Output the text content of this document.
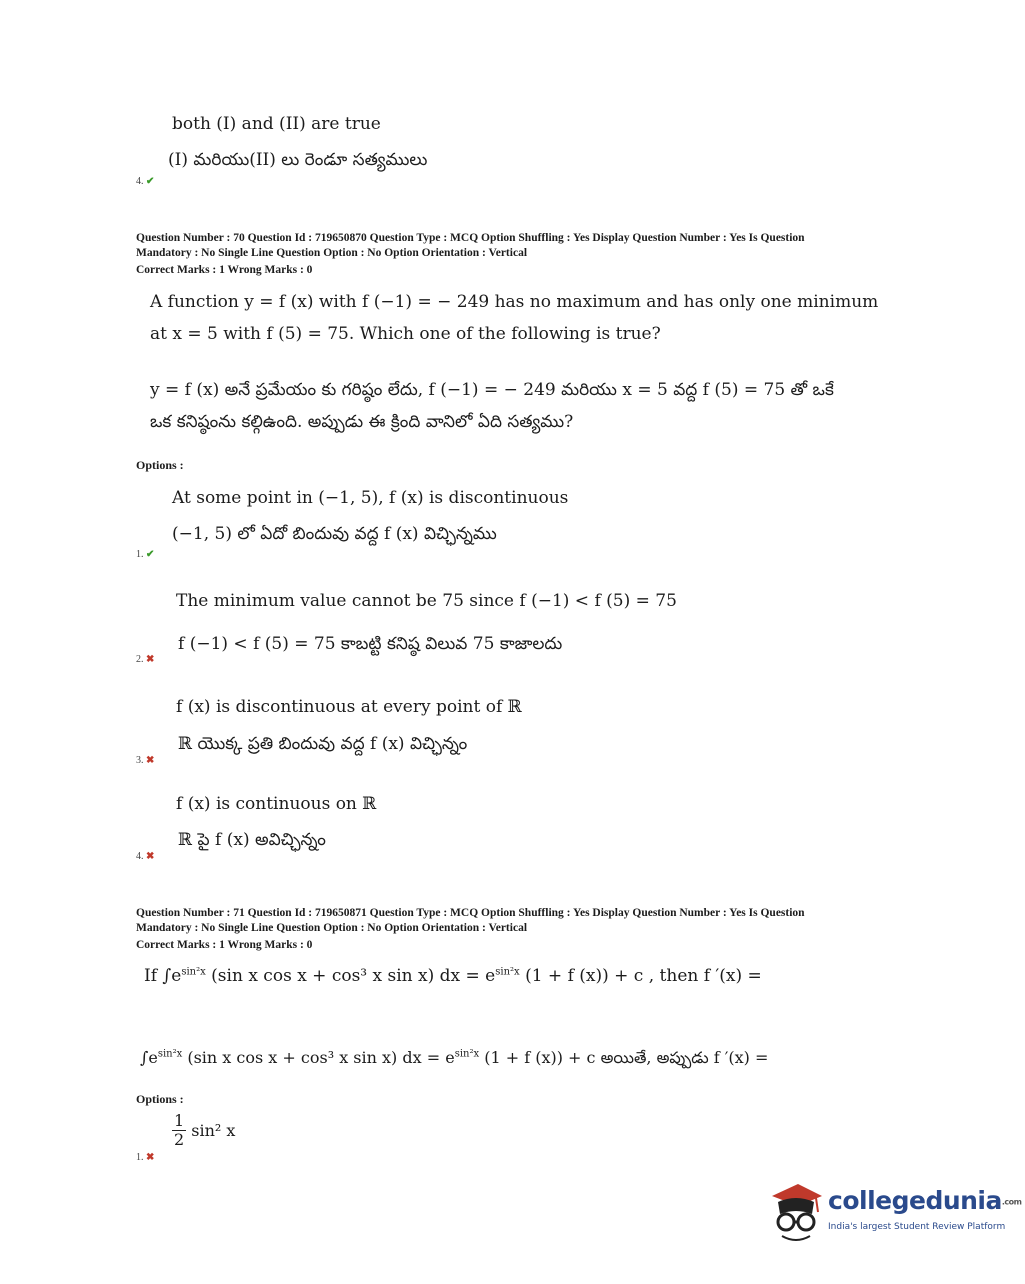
both (I) and (II) are true
(I) మరియు(II) లు రెండూ సత్యములు
4. ✔
Question Number : 70 Question Id : 719650870 Question Type : MCQ Option Shuffling : Yes Display Question Number : Yes Is Question
Mandatory : No Single Line Question Option : No Option Orientation : Vertical
Correct Marks : 1 Wrong Marks : 0
A function y = f (x) with f (−1) = − 249 has no maximum and has only one minimum
at x = 5 with f (5) = 75. Which one of the following is true?
y = f (x) అనే ప్రమేయం కు గరిష్ఠం లేదు, f (−1) = − 249 మరియు x = 5 వద్ద f (5) = 75 తో ఒకే
ఒక కనిష్ఠంను కల్గిఉంది. అప్పుడు ఈ క్రింది వానిలో ఏది సత్యము?
Options :
At some point in (−1, 5), f (x) is discontinuous
(−1, 5) లో ఏదో బిందువు వద్ద f (x) విచ్ఛిన్నము
1. ✔
The minimum value cannot be 75 since f (−1) < f (5) = 75
f (−1) < f (5) = 75 కాబట్టి కనిష్ఠ విలువ 75 కాజాలదు
2. ✖
f (x) is discontinuous at every point of ℝ
ℝ యొక్క ప్రతి బిందువు వద్ద f (x) విచ్ఛిన్నం
3. ✖
f (x) is continuous on ℝ
ℝ పై f (x) అవిచ్ఛిన్నం
4. ✖
Question Number : 71 Question Id : 719650871 Question Type : MCQ Option Shuffling : Yes Display Question Number : Yes Is Question
Mandatory : No Single Line Question Option : No Option Orientation : Vertical
Correct Marks : 1 Wrong Marks : 0
If $\int e^{sin^2x}$ (sin x cos x + cos³ x sin x) dx = $e^{sin^2x}$ (1 + f (x)) + c , then f ′(x) =
$\int e^{sin^2x}$ (sin x cos x + cos³ x sin x) dx = $e^{sin^2x}$ (1 + f (x)) + c అయితే, అప్పుడు f ′(x) =
Options :
$\frac{1}{2} \sin^2$ x
1. ✖
collegedunia.com
India's largest Student Review Platform
